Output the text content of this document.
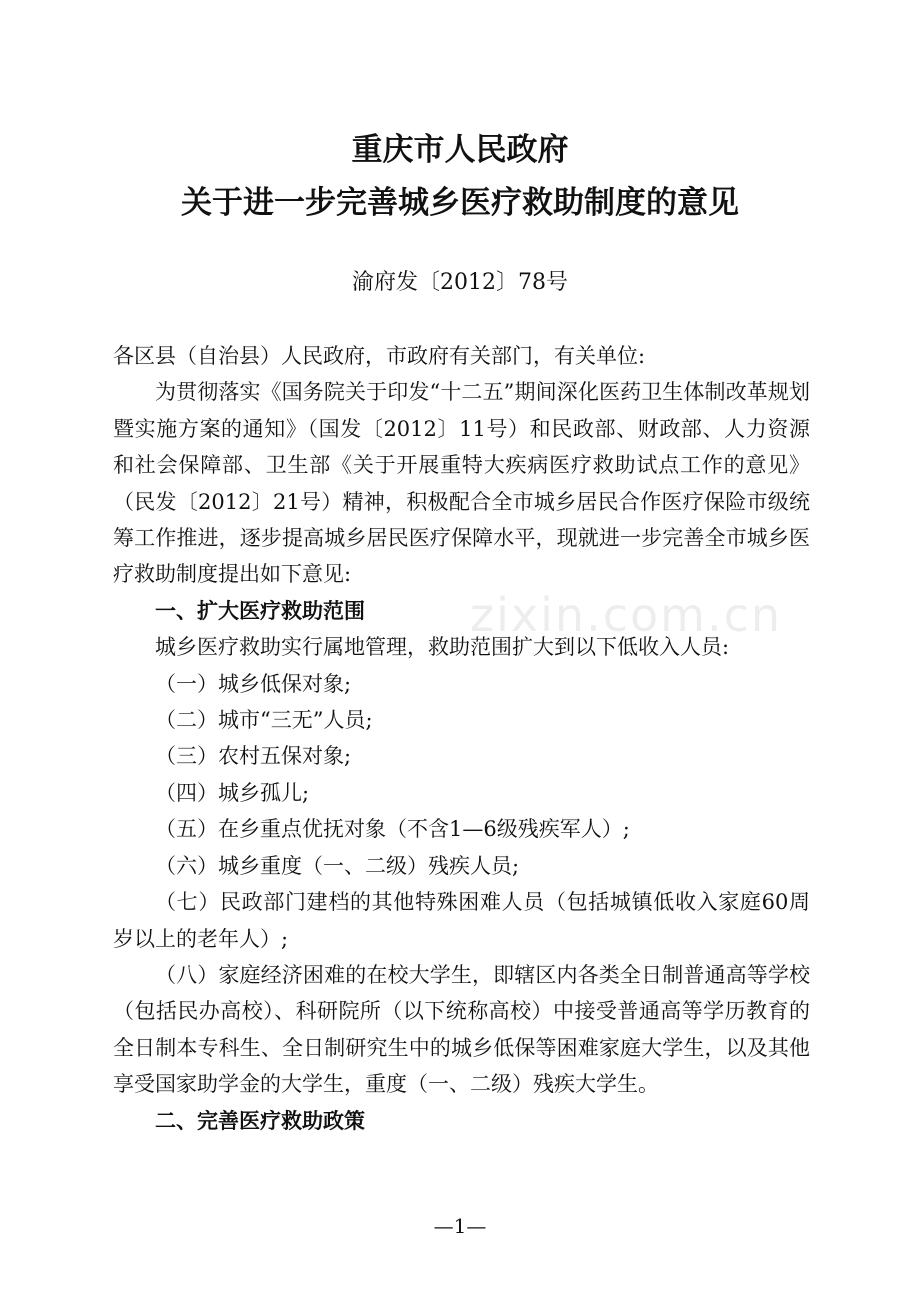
重庆市人民政府
关于进一步完善城乡医疗救助制度的意见
渝府发〔2012〕78号
zixin.com.cn

各区县（自治县）人民政府，市政府有关部门，有关单位:

为贯彻落实《国务院关于印发“十二五”期间深化医药卫生体制改革规划暨实施方案的通知》（国发〔2012〕11号）和民政部、财政部、人力资源和社会保障部、卫生部《关于开展重特大疾病医疗救助试点工作的意见》（民发〔2012〕21号）精神，积极配合全市城乡居民合作医疗保险市级统筹工作推进，逐步提高城乡居民医疗保障水平，现就进一步完善全市城乡医疗救助制度提出如下意见:

一、扩大医疗救助范围

城乡医疗救助实行属地管理，救助范围扩大到以下低收入人员:

（一）城乡低保对象;

（二）城市“三无”人员;

（三）农村五保对象;

（四）城乡孤儿;

（五）在乡重点优抚对象（不含1—6级残疾军人）;

（六）城乡重度（一、二级）残疾人员;

（七）民政部门建档的其他特殊困难人员（包括城镇低收入家庭60周岁以上的老年人）;

（八）家庭经济困难的在校大学生，即辖区内各类全日制普通高等学校（包括民办高校）、科研院所（以下统称高校）中接受普通高等学历教育的全日制本专科生、全日制研究生中的城乡低保等困难家庭大学生，以及其他享受国家助学金的大学生，重度（一、二级）残疾大学生。

二、完善医疗救助政策

—1—
